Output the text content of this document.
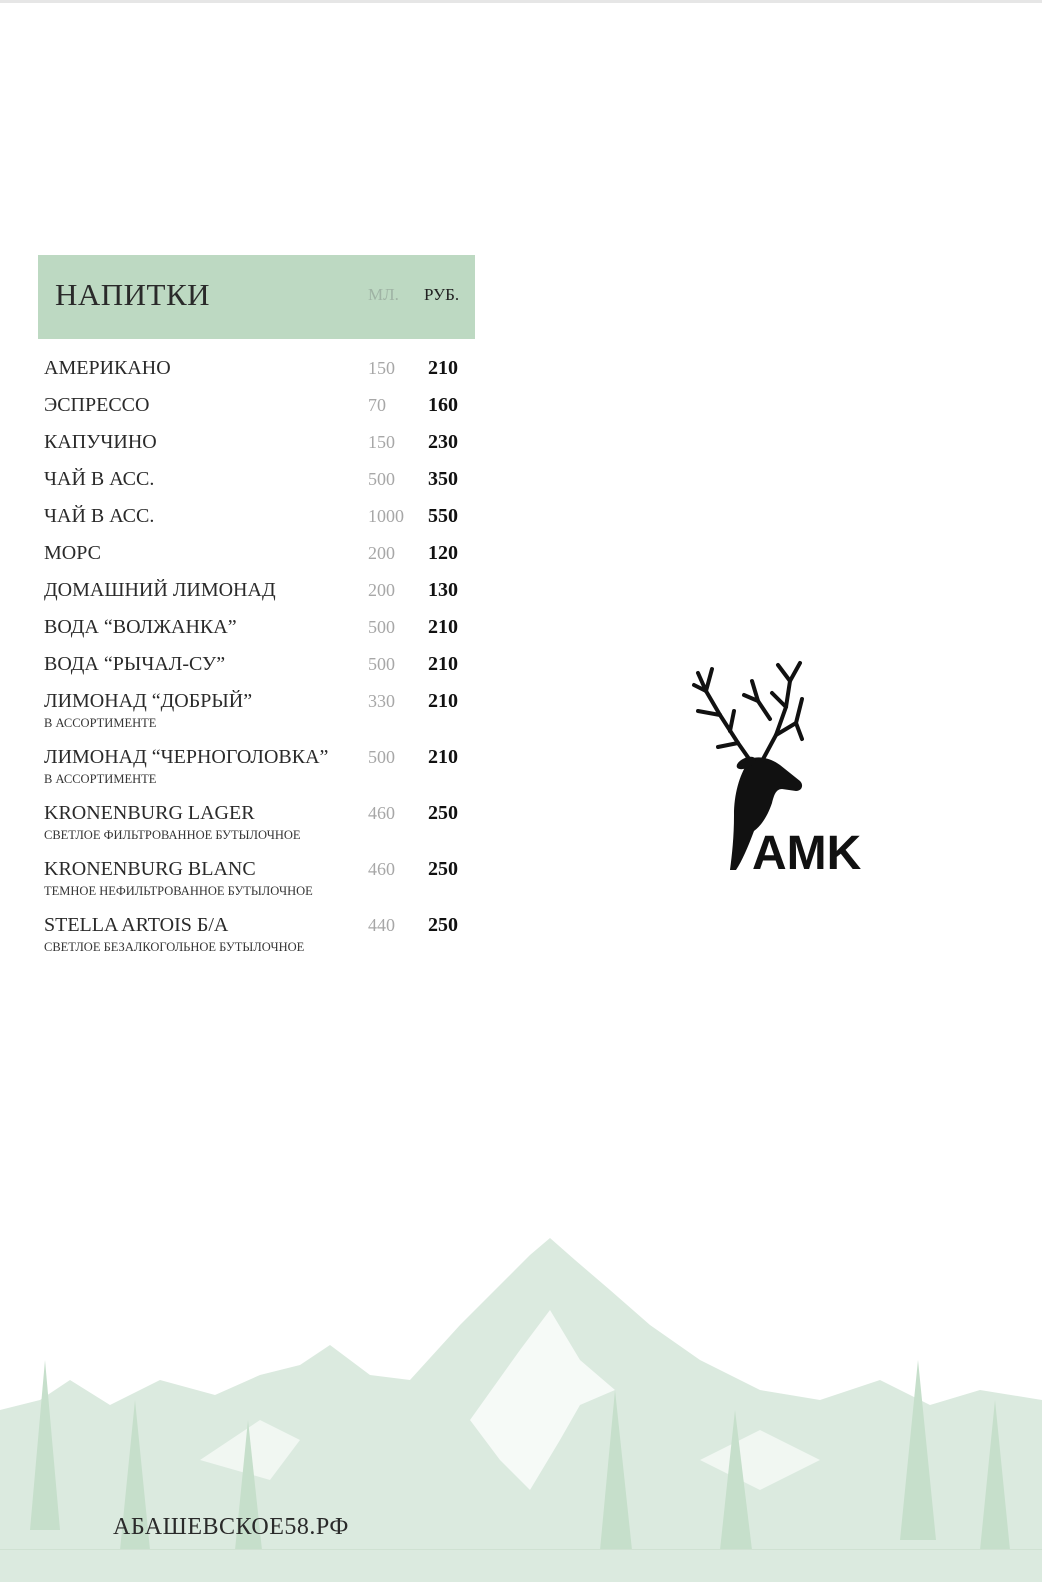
НАПИТКИ	МЛ. РУБ.
АМЕРИКАНО	150 210
ЭСПРЕССО	70 160
КАПУЧИНО	150 230
ЧАЙ В АСС.	500 350
ЧАЙ В АСС.	1000 550
МОРС	200 120
ДОМАШНИЙ ЛИМОНАД	200 130
ВОДА “ВОЛЖАНКА”	500 210
ВОДА “РЫЧАЛ-СУ”	500 210
ЛИМОНАД “ДОБРЫЙ”	330 210
В АССОРТИМЕНТЕ
ЛИМОНАД “ЧЕРНОГОЛОВКА” 500 210
В АССОРТИМЕНТЕ
KRONENBURG LAGER	460 250
СВЕТЛОЕ ФИЛЬТРОВАННОЕ БУТЫЛОЧНОЕ
KRONENBURG BLANC	460 250
ТЕМНОЕ НЕФИЛЬТРОВАННОЕ БУТЫЛОЧНОЕ
STELLA ARTOIS Б/А	440 250
СВЕТЛОЕ БЕЗАЛКОГОЛЬНОЕ БУТЫЛОЧНОЕ
AMK
АБАШЕВСКОЕ58.РФ
